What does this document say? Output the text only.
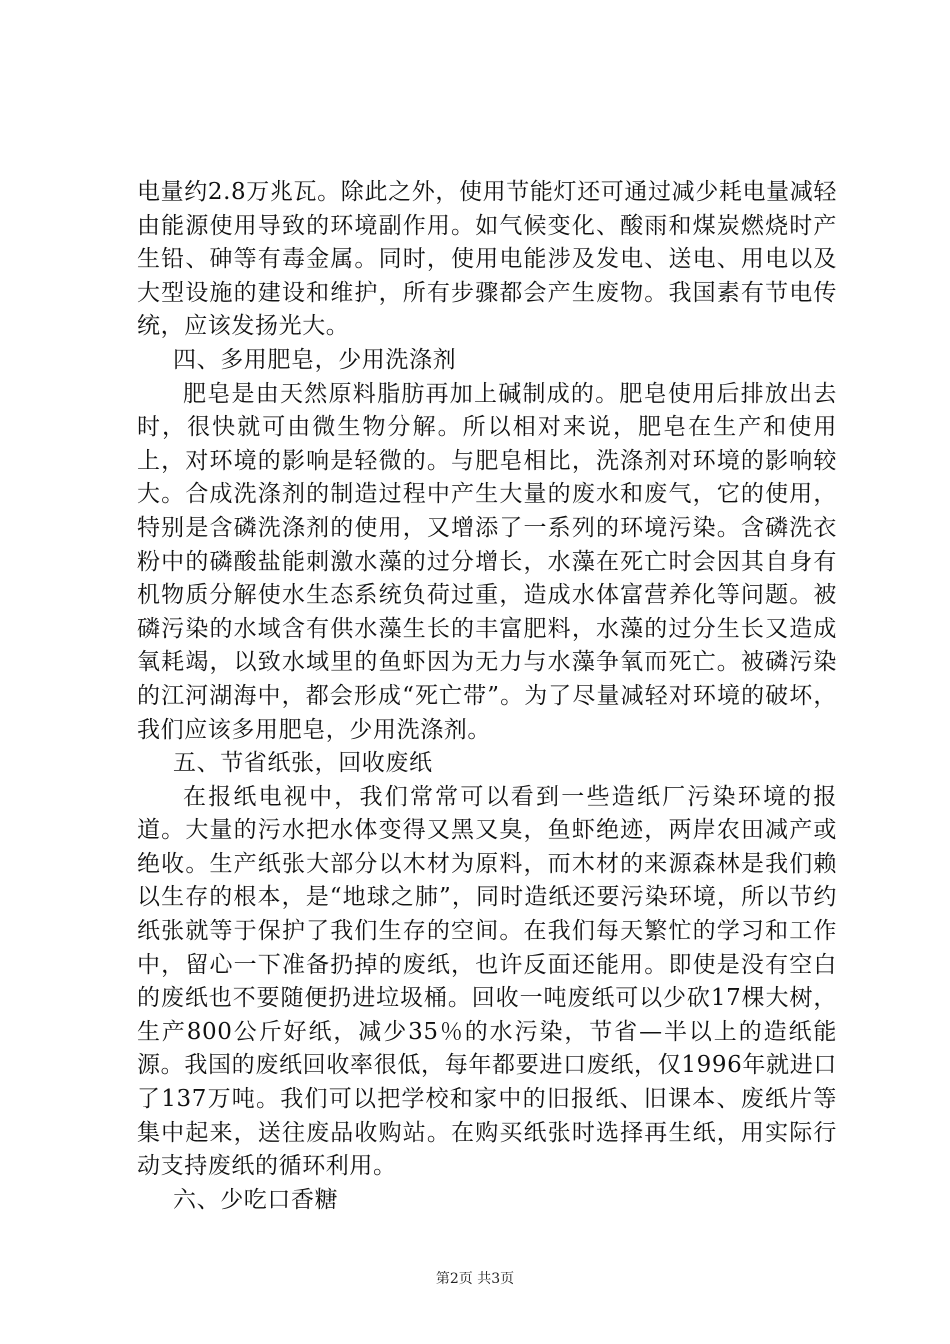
电量约2.8万兆瓦。除此之外，使用节能灯还可通过减少耗电量减轻由能源使用导致的环境副作用。如气候变化、酸雨和煤炭燃烧时产生铅、砷等有毒金属。同时，使用电能涉及发电、送电、用电以及大型设施的建设和维护，所有步骤都会产生废物。我国素有节电传统，应该发扬光大。

四、多用肥皂，少用洗涤剂

肥皂是由天然原料脂肪再加上碱制成的。肥皂使用后排放出去时，很快就可由微生物分解。所以相对来说，肥皂在生产和使用上，对环境的影响是轻微的。与肥皂相比，洗涤剂对环境的影响较大。合成洗涤剂的制造过程中产生大量的废水和废气，它的使用，特别是含磷洗涤剂的使用，又增添了一系列的环境污染。含磷洗衣粉中的磷酸盐能刺激水藻的过分增长，水藻在死亡时会因其自身有机物质分解使水生态系统负荷过重，造成水体富营养化等问题。被磷污染的水域含有供水藻生长的丰富肥料，水藻的过分生长又造成氧耗竭，以致水域里的鱼虾因为无力与水藻争氧而死亡。被磷污染的江河湖海中，都会形成“死亡带”。为了尽量减轻对环境的破坏，我们应该多用肥皂，少用洗涤剂。

五、节省纸张，回收废纸

在报纸电视中，我们常常可以看到一些造纸厂污染环境的报道。大量的污水把水体变得又黑又臭，鱼虾绝迹，两岸农田减产或绝收。生产纸张大部分以木材为原料，而木材的来源森林是我们赖以生存的根本，是“地球之肺”，同时造纸还要污染环境，所以节约纸张就等于保护了我们生存的空间。在我们每天繁忙的学习和工作中，留心一下准备扔掉的废纸，也许反面还能用。即使是没有空白的废纸也不要随便扔进垃圾桶。回收一吨废纸可以少砍17棵大树，生产800公斤好纸，减少35％的水污染，节省—半以上的造纸能源。我国的废纸回收率很低，每年都要进口废纸，仅1996年就进口了137万吨。我们可以把学校和家中的旧报纸、旧课本、废纸片等集中起来，送往废品收购站。在购买纸张时选择再生纸，用实际行动支持废纸的循环利用。

六、少吃口香糖

第2页 共3页
